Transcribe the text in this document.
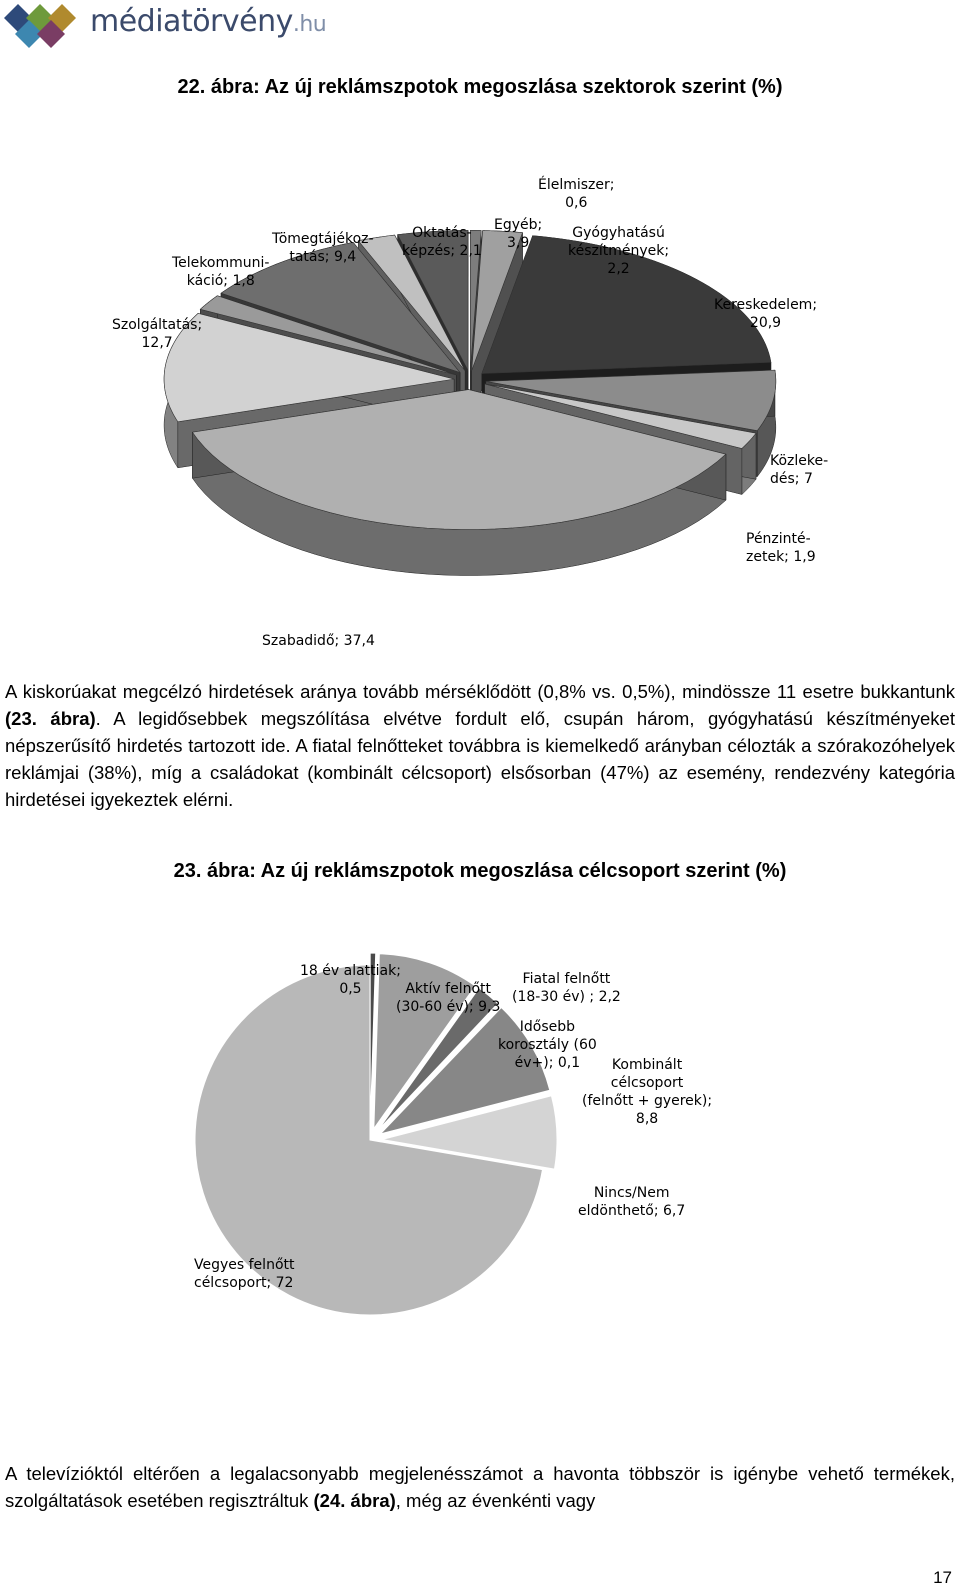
médiatörvény.hu
22. ábra: Az új reklámszpotok megoszlása szektorok szerint (%)
Élelmiszer;
0,6
Gyógyhatású
készítmények;
2,2
Kereskedelem;
20,9
Közleke-
dés; 7
Pénzinté-
zetek; 1,9
Szabadidő; 37,4
Szolgáltatás;
12,7
Telekommuni-
káció; 1,8
Tömegtájékoz-
tatás; 9,4
Oktatás-
képzés; 2,1
Egyéb;
3,9
A kiskorúakat megcélzó hirdetések aránya tovább mérséklődött (0,8% vs. 0,5%), mindössze 11 esetre bukkantunk (23. ábra). A legidősebbek megszólítása elvétve fordult elő, csupán három, gyógyhatású készítményeket népszerűsítő hirdetés tartozott ide. A fiatal felnőtteket továbbra is kiemelkedő arányban célozták a szórakozóhelyek reklámjai (38%), míg a családokat (kombinált célcsoport) elsősorban (47%) az esemény, rendezvény kategória hirdetései igyekeztek elérni.
23. ábra: Az új reklámszpotok megoszlása célcsoport szerint (%)
18 év alattiak;
0,5	Aktív felnőtt
(30-60 év); 9,3
Fiatal felnőtt
(18-30 év) ; 2,2
Idősebb
korosztály (60
év+); 0,1	Kombinált
célcsoport
(felnőtt + gyerek);
8,8
Nincs/Nem
eldönthető; 6,7
Vegyes felnőtt
célcsoport; 72
A televízióktól eltérően a legalacsonyabb megjelenésszámot a havonta többször is igénybe vehető termékek, szolgáltatások esetében regisztráltuk (24. ábra), még az évenkénti vagy
17
